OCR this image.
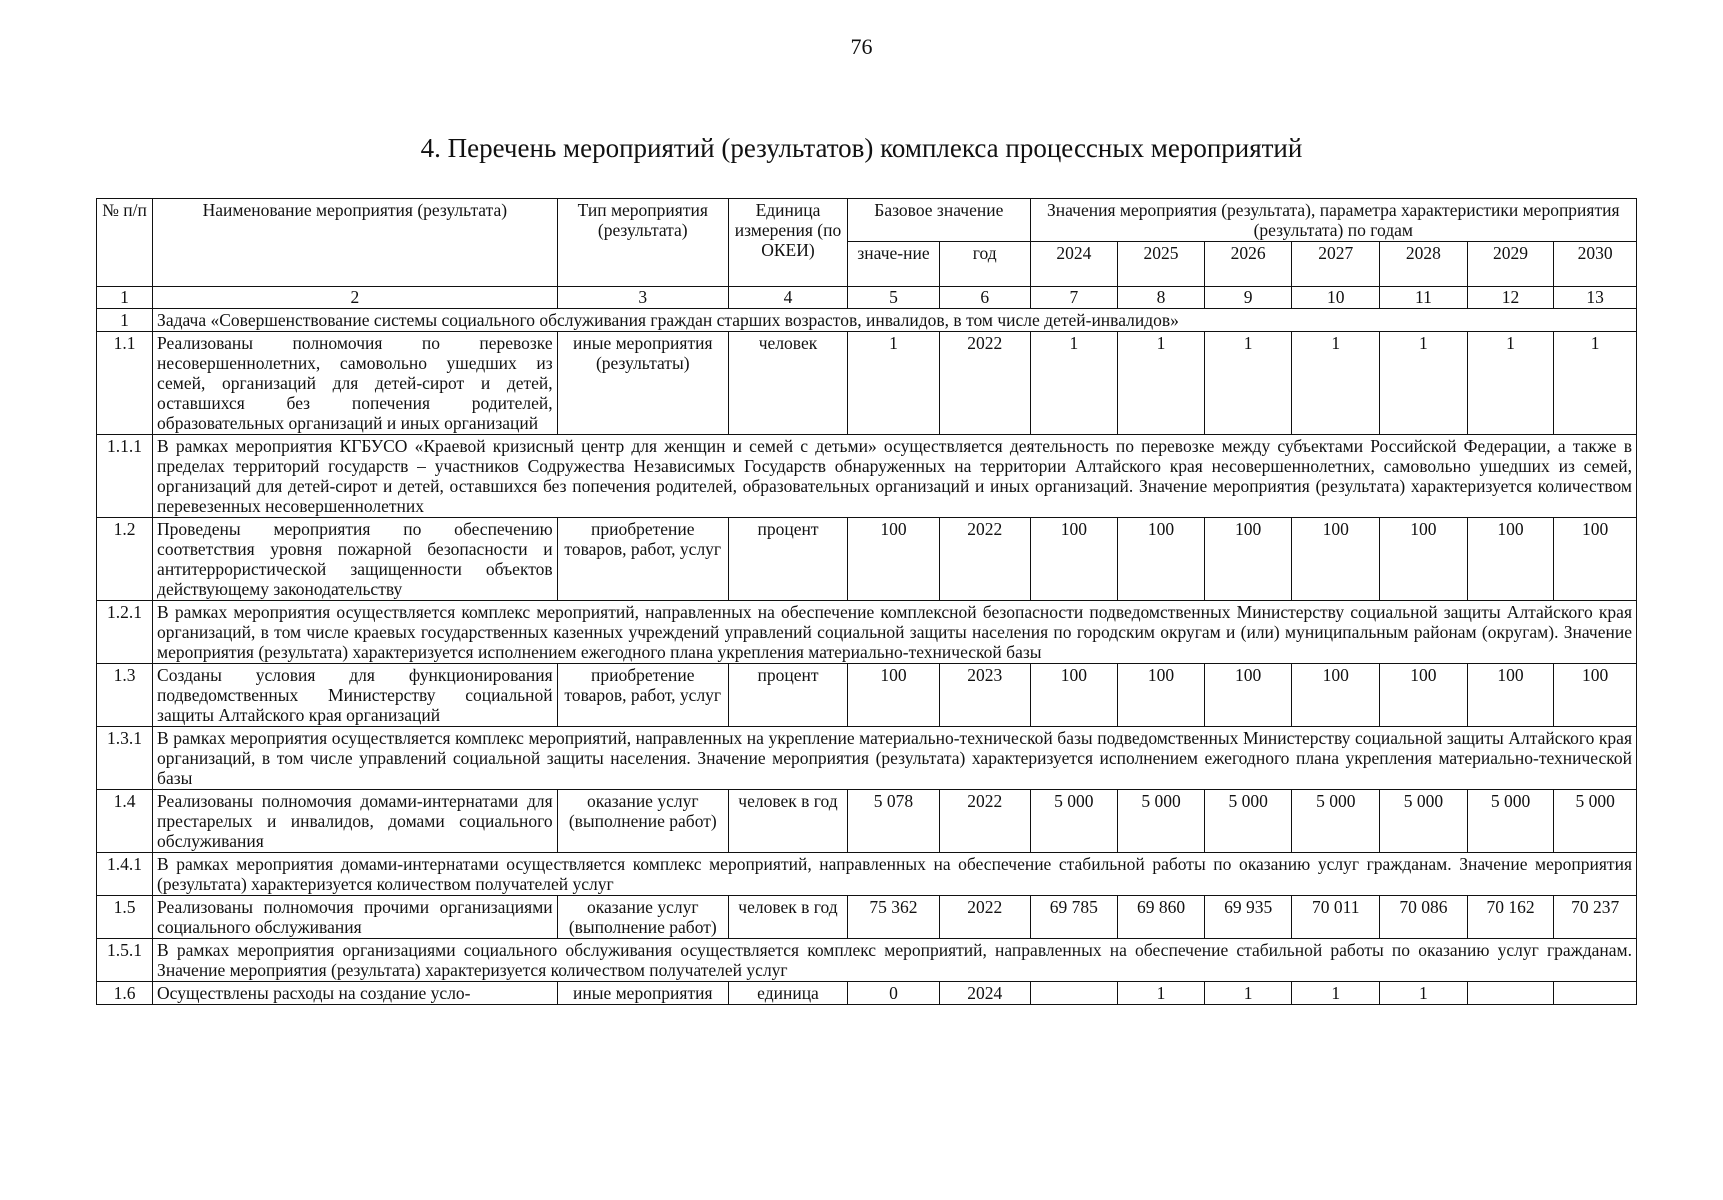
76
4. Перечень мероприятий (результатов) комплекса процессных мероприятий
№ п/п	Наименование мероприятия (результата)	Тип мероприятия (результата)	Единица измерения (по ОКЕИ)	Базовое значение		Значения мероприятия (результата), параметра характеристики мероприятия (результата) по годам						
				значе-ние	год	2024	2025	2026	2027	2028	2029	2030
1	2	3	4	5	6	7	8	9	10	11	12	13
1	Задача «Совершенствование системы социального обслуживания граждан старших возрастов, инвалидов, в том числе детей-инвалидов»											
1.1	Реализованы полномочия по перевозке несовершеннолетних, самовольно ушедших из семей, организаций для детей-сирот и детей, оставшихся без попечения родителей, образовательных организаций и иных организаций	иные мероприятия (результаты)	человек	1	2022	1	1	1	1	1	1	1
1.1.1	В рамках мероприятия КГБУСО «Краевой кризисный центр для женщин и семей с детьми» осуществляется деятельность по перевозке между субъектами Российской Федерации, а также в пределах территорий государств – участников Содружества Независимых Государств обнаруженных на территории Алтайского края несовершеннолетних, самовольно ушедших из семей, организаций для детей-сирот и детей, оставшихся без попечения родителей, образовательных организаций и иных организаций. Значение мероприятия (результата) характеризуется количеством перевезенных несовершеннолетних											
1.2	Проведены мероприятия по обеспечению соответствия уровня пожарной безопасности и антитеррористической защищенности объектов действующему законодательству	приобретение товаров, работ, услуг	процент	100	2022	100	100	100	100	100	100	100
1.2.1	В рамках мероприятия осуществляется комплекс мероприятий, направленных на обеспечение комплексной безопасности подведомственных Министерству социальной защиты Алтайского края организаций, в том числе краевых государственных казенных учреждений управлений социальной защиты населения по городским округам и (или) муниципальным районам (округам). Значение мероприятия (результата) характеризуется исполнением ежегодного плана укрепления материально-технической базы											
1.3	Созданы условия для функционирования подведомственных Министерству социальной защиты Алтайского края организаций	приобретение товаров, работ, услуг	процент	100	2023	100	100	100	100	100	100	100
1.3.1	В рамках мероприятия осуществляется комплекс мероприятий, направленных на укрепление материально-технической базы подведомственных Министерству социальной защиты Алтайского края организаций, в том числе управлений социальной защиты населения. Значение мероприятия (результата) характеризуется исполнением ежегодного плана укрепления материально-технической базы											
1.4	Реализованы полномочия домами-интернатами для престарелых и инвалидов, домами социального обслуживания	оказание услуг (выполнение работ)	человек в год	5 078	2022	5 000	5 000	5 000	5 000	5 000	5 000	5 000
1.4.1	В рамках мероприятия домами-интернатами осуществляется комплекс мероприятий, направленных на обеспечение стабильной работы по оказанию услуг гражданам. Значение мероприятия (результата) характеризуется количеством получателей услуг											
1.5	Реализованы полномочия прочими организациями социального обслуживания	оказание услуг (выполнение работ)	человек в год	75 362	2022	69 785	69 860	69 935	70 011	70 086	70 162	70 237
1.5.1	В рамках мероприятия организациями социального обслуживания осуществляется комплекс мероприятий, направленных на обеспечение стабильной работы по оказанию услуг гражданам. Значение мероприятия (результата) характеризуется количеством получателей услуг											
1.6	Осуществлены расходы на создание усло-	иные мероприятия	единица	0	2024		1	1	1	1		
